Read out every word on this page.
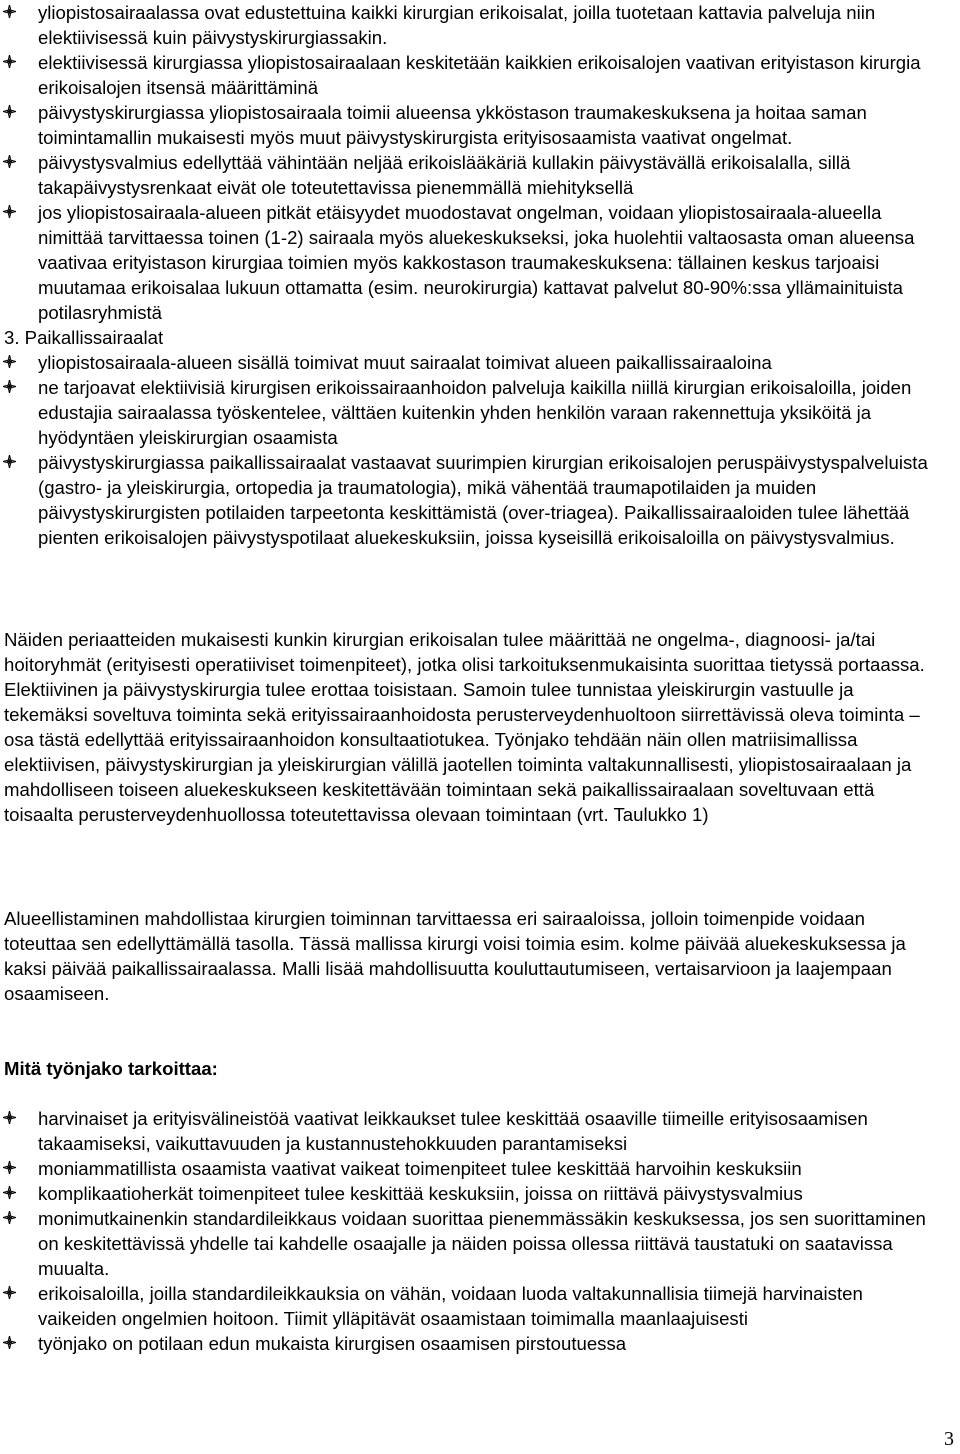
yliopistosairaalassa ovat edustettuina kaikki kirurgian erikoisalat, joilla tuotetaan kattavia palveluja niin elektiivisessä kuin päivystyskirurgiassakin.
elektiivisessä kirurgiassa yliopistosairaalaan keskitetään kaikkien erikoisalojen vaativan erityistason kirurgia erikoisalojen itsensä määrittäminä
päivystyskirurgiassa yliopistosairaala toimii alueensa ykköstason traumakeskuksena ja hoitaa saman toimintamallin mukaisesti myös muut päivystyskirurgista erityisosaamista vaativat ongelmat.
päivystysvalmius edellyttää vähintään neljää erikoislääkäriä kullakin päivystävällä erikoisalalla, sillä takapäivystysrenkaat eivät ole toteutettavissa pienemmällä miehityksellä
jos yliopistosairaala-alueen pitkät etäisyydet muodostavat ongelman, voidaan yliopistosairaala-alueella nimittää tarvittaessa toinen (1-2) sairaala myös aluekeskukseksi, joka huolehtii valtaosasta oman alueensa vaativaa erityistason kirurgiaa toimien myös kakkostason traumakeskuksena: tällainen keskus tarjoaisi muutamaa erikoisalaa lukuun ottamatta (esim. neurokirurgia) kattavat palvelut 80-90%:ssa yllämainituista potilasryhmistä

3. Paikallissairaalat

yliopistosairaala-alueen sisällä toimivat muut sairaalat toimivat alueen paikallissairaaloina
ne tarjoavat elektiivisiä kirurgisen erikoissairaanhoidon palveluja kaikilla niillä kirurgian erikoisaloilla, joiden edustajia sairaalassa työskentelee, välttäen kuitenkin yhden henkilön varaan rakennettuja yksiköitä ja hyödyntäen yleiskirurgian osaamista
päivystyskirurgiassa paikallissairaalat vastaavat suurimpien kirurgian erikoisalojen peruspäivystyspalveluista (gastro- ja yleiskirurgia, ortopedia ja traumatologia), mikä vähentää traumapotilaiden ja muiden päivystyskirurgisten potilaiden tarpeetonta keskittämistä (over-triagea). Paikallissairaaloiden tulee lähettää pienten erikoisalojen päivystyspotilaat aluekeskuksiin, joissa kyseisillä erikoisaloilla on päivystysvalmius.

Näiden periaatteiden mukaisesti kunkin kirurgian erikoisalan tulee määrittää ne ongelma-, diagnoosi- ja/tai hoitoryhmät (erityisesti operatiiviset toimenpiteet), jotka olisi tarkoituksenmukaisinta suorittaa tietyssä portaassa. Elektiivinen ja päivystyskirurgia tulee erottaa toisistaan. Samoin tulee tunnistaa yleiskirurgin vastuulle ja tekemäksi soveltuva toiminta sekä erityissairaanhoidosta perusterveydenhuoltoon siirrettävissä oleva toiminta – osa tästä edellyttää erityissairaanhoidon konsultaatiotukea. Työnjako tehdään näin ollen matriisimallissa elektiivisen, päivystyskirurgian ja yleiskirurgian välillä jaotellen toiminta valtakunnallisesti, yliopistosairaalaan ja mahdolliseen toiseen aluekeskukseen keskitettävään toimintaan sekä paikallissairaalaan soveltuvaan että toisaalta perusterveydenhuollossa toteutettavissa olevaan toimintaan (vrt. Taulukko 1)

Alueellistaminen mahdollistaa kirurgien toiminnan tarvittaessa eri sairaaloissa, jolloin toimenpide voidaan toteuttaa sen edellyttämällä tasolla. Tässä mallissa kirurgi voisi toimia esim. kolme päivää aluekeskuksessa ja kaksi päivää paikallissairaalassa. Malli lisää mahdollisuutta kouluttautumiseen, vertaisarvioon ja laajempaan osaamiseen.

Mitä työnjako tarkoittaa:
harvinaiset ja erityisvälineistöä vaativat leikkaukset tulee keskittää osaaville tiimeille erityisosaamisen takaamiseksi, vaikuttavuuden ja kustannustehokkuuden parantamiseksi
moniammatillista osaamista vaativat vaikeat toimenpiteet tulee keskittää harvoihin keskuksiin
komplikaatioherkät toimenpiteet tulee keskittää keskuksiin, joissa on riittävä päivystysvalmius
monimutkainenkin standardileikkaus voidaan suorittaa pienemmässäkin keskuksessa, jos sen suorittaminen on keskitettävissä yhdelle tai kahdelle osaajalle ja näiden poissa ollessa riittävä taustatuki on saatavissa muualta.
erikoisaloilla, joilla standardileikkauksia on vähän, voidaan luoda valtakunnallisia tiimejä harvinaisten vaikeiden ongelmien hoitoon. Tiimit ylläpitävät osaamistaan toimimalla maanlaajuisesti
työnjako on potilaan edun mukaista kirurgisen osaamisen pirstoutuessa
3
